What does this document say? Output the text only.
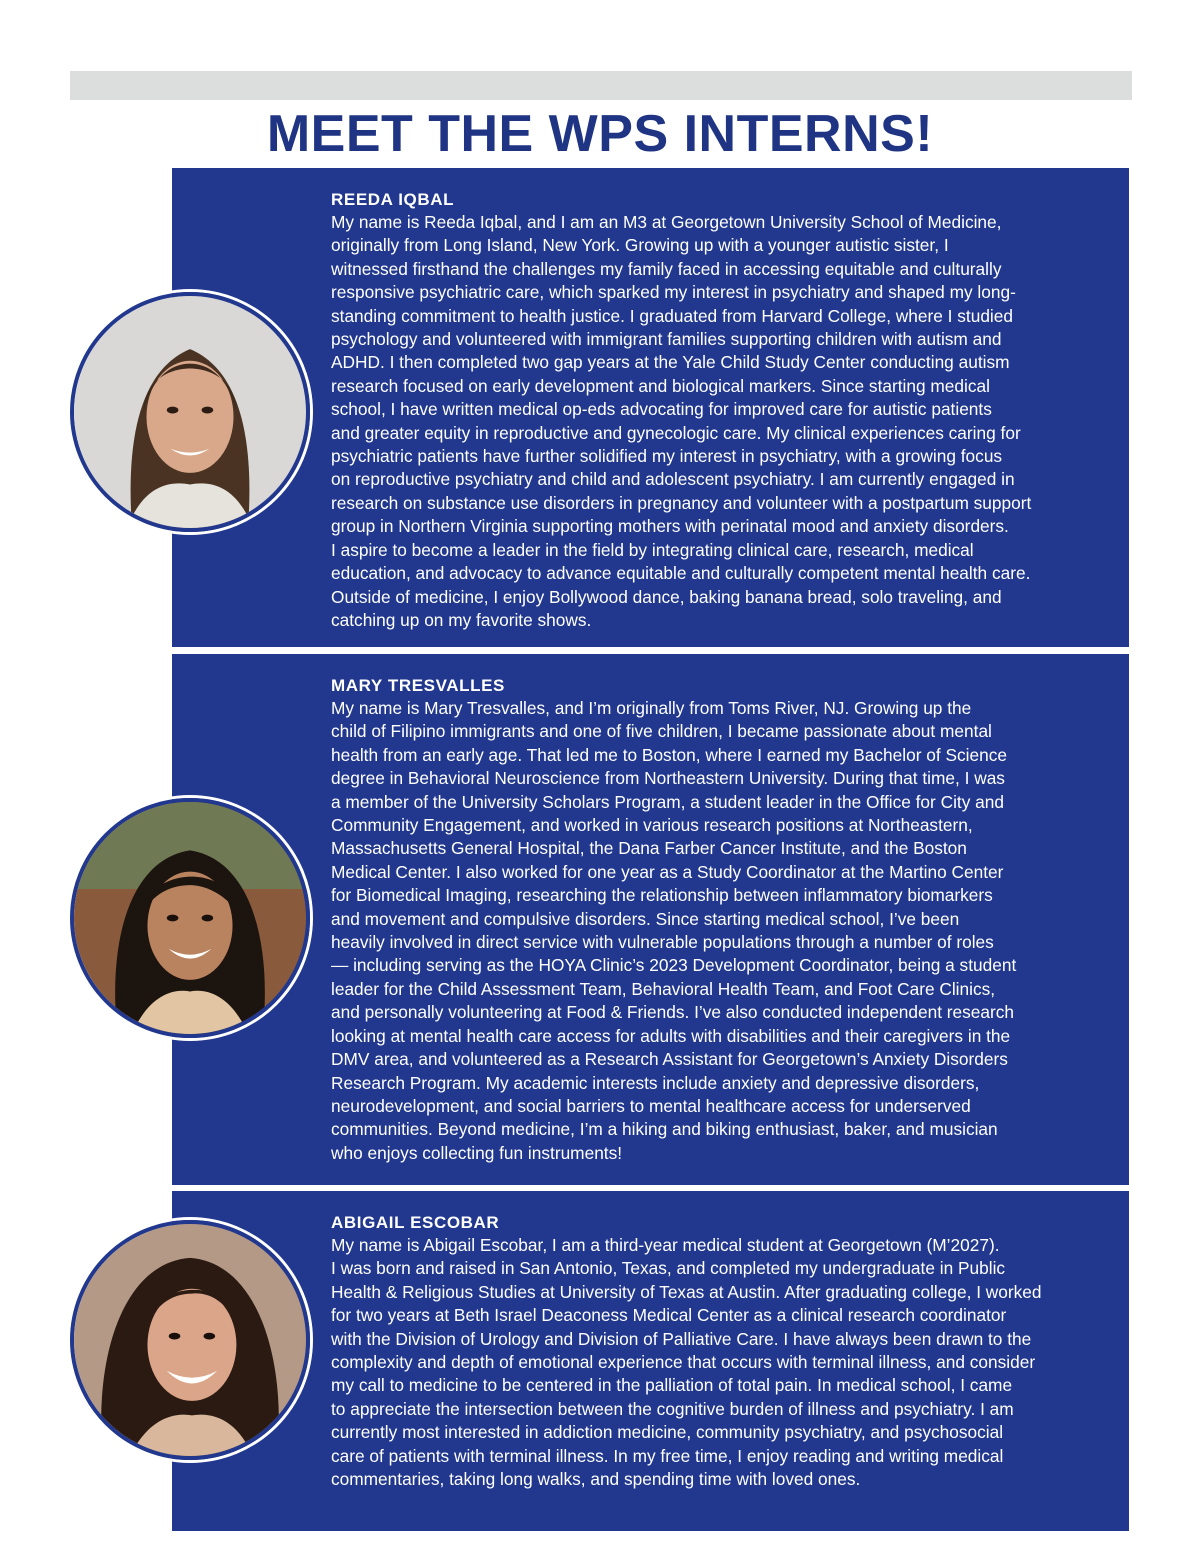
MEET THE WPS INTERNS!
REEDA IQBAL

My name is Reeda Iqbal, and I am an M3 at Georgetown University School of Medicine,
originally from Long Island, New York. Growing up with a younger autistic sister, I
witnessed firsthand the challenges my family faced in accessing equitable and culturally
responsive psychiatric care, which sparked my interest in psychiatry and shaped my long-
standing commitment to health justice. I graduated from Harvard College, where I studied
psychology and volunteered with immigrant families supporting children with autism and
ADHD. I then completed two gap years at the Yale Child Study Center conducting autism
research focused on early development and biological markers. Since starting medical
school, I have written medical op-eds advocating for improved care for autistic patients
and greater equity in reproductive and gynecologic care. My clinical experiences caring for
psychiatric patients have further solidified my interest in psychiatry, with a growing focus
on reproductive psychiatry and child and adolescent psychiatry. I am currently engaged in
research on substance use disorders in pregnancy and volunteer with a postpartum support
group in Northern Virginia supporting mothers with perinatal mood and anxiety disorders.
I aspire to become a leader in the field by integrating clinical care, research, medical
education, and advocacy to advance equitable and culturally competent mental health care.
Outside of medicine, I enjoy Bollywood dance, baking banana bread, solo traveling, and
catching up on my favorite shows.

MARY TRESVALLES

My name is Mary Tresvalles, and I’m originally from Toms River, NJ. Growing up the
child of Filipino immigrants and one of five children, I became passionate about mental
health from an early age. That led me to Boston, where I earned my Bachelor of Science
degree in Behavioral Neuroscience from Northeastern University. During that time, I was
a member of the University Scholars Program, a student leader in the Office for City and
Community Engagement, and worked in various research positions at Northeastern,
Massachusetts General Hospital, the Dana Farber Cancer Institute, and the Boston
Medical Center. I also worked for one year as a Study Coordinator at the Martino Center
for Biomedical Imaging, researching the relationship between inflammatory biomarkers
and movement and compulsive disorders. Since starting medical school, I’ve been
heavily involved in direct service with vulnerable populations through a number of roles
— including serving as the HOYA Clinic’s 2023 Development Coordinator, being a student
leader for the Child Assessment Team, Behavioral Health Team, and Foot Care Clinics,
and personally volunteering at Food & Friends. I’ve also conducted independent research
looking at mental health care access for adults with disabilities and their caregivers in the
DMV area, and volunteered as a Research Assistant for Georgetown’s Anxiety Disorders
Research Program. My academic interests include anxiety and depressive disorders,
neurodevelopment, and social barriers to mental healthcare access for underserved
communities. Beyond medicine, I’m a hiking and biking enthusiast, baker, and musician
who enjoys collecting fun instruments!

ABIGAIL ESCOBAR

My name is Abigail Escobar, I am a third-year medical student at Georgetown (M’2027).
I was born and raised in San Antonio, Texas, and completed my undergraduate in Public
Health & Religious Studies at University of Texas at Austin. After graduating college, I worked
for two years at Beth Israel Deaconess Medical Center as a clinical research coordinator
with the Division of Urology and Division of Palliative Care. I have always been drawn to the
complexity and depth of emotional experience that occurs with terminal illness, and consider
my call to medicine to be centered in the palliation of total pain. In medical school, I came
to appreciate the intersection between the cognitive burden of illness and psychiatry. I am
currently most interested in addiction medicine, community psychiatry, and psychosocial
care of patients with terminal illness. In my free time, I enjoy reading and writing medical
commentaries, taking long walks, and spending time with loved ones.
